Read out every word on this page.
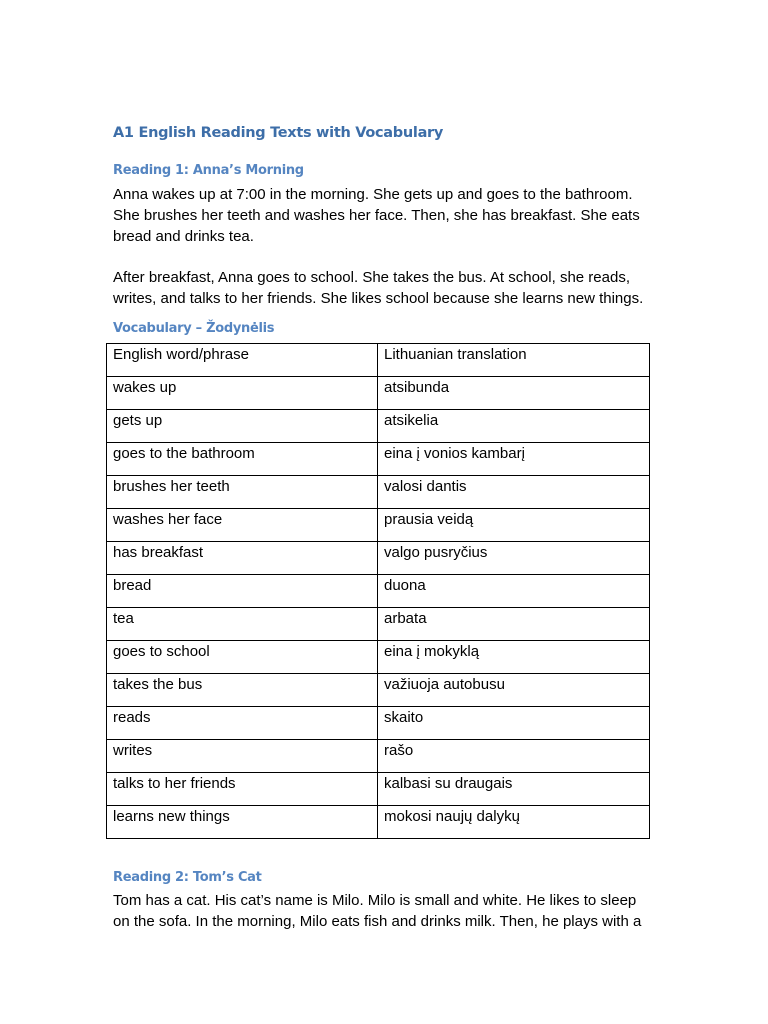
A1 English Reading Texts with Vocabulary
Reading 1: Anna’s Morning

Anna wakes up at 7:00 in the morning. She gets up and goes to the bathroom. She brushes her teeth and washes her face. Then, she has breakfast. She eats bread and drinks tea.

After breakfast, Anna goes to school. She takes the bus. At school, she reads, writes, and talks to her friends. She likes school because she learns new things.

Vocabulary – Žodynėlis
English word/phrase	Lithuanian translation
wakes up	atsibunda
gets up	atsikelia
goes to the bathroom	eina į vonios kambarį
brushes her teeth	valosi dantis
washes her face	prausia veidą
has breakfast	valgo pusryčius
bread	duona
tea	arbata
goes to school	eina į mokyklą
takes the bus	važiuoja autobusu
reads	skaito
writes	rašo
talks to her friends	kalbasi su draugais
learns new things	mokosi naujų dalykų
Reading 2: Tom’s Cat

Tom has a cat. His cat’s name is Milo. Milo is small and white. He likes to sleep on the sofa. In the morning, Milo eats fish and drinks milk. Then, he plays with a
